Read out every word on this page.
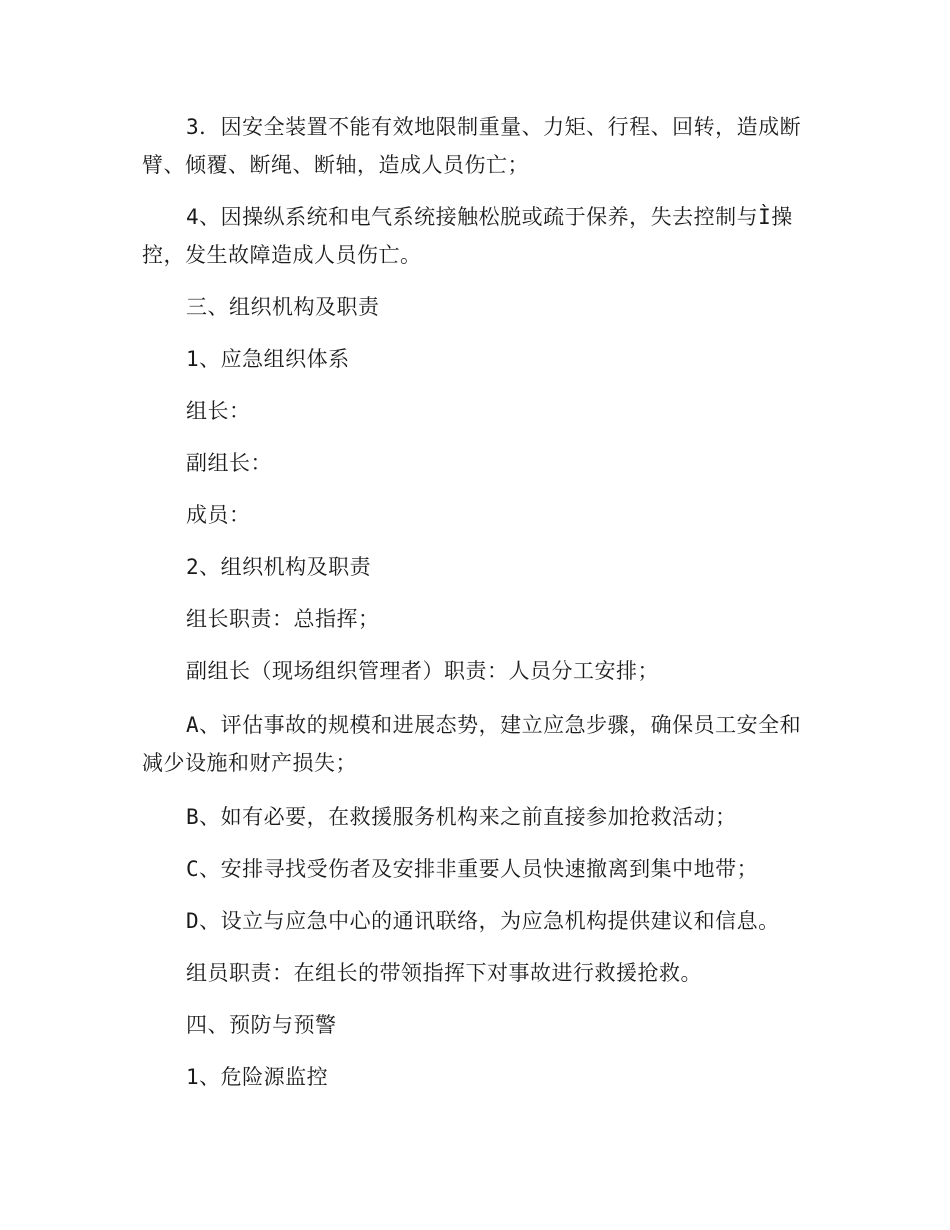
3．因安全装置不能有效地限制重量、力矩、行程、回转，造成断臂、倾覆、断绳、断轴，造成人员伤亡；

4、因操纵系统和电气系统接触松脱或疏于保养，失去控制与Ì操控，发生故障造成人员伤亡。

三、组织机构及职责

1、应急组织体系

组长：

副组长：

成员：

2、组织机构及职责

组长职责：总指挥；

副组长（现场组织管理者）职责：人员分工安排；

A、评估事故的规模和进展态势，建立应急步骤，确保员工安全和减少设施和财产损失；

B、如有必要，在救援服务机构来之前直接参加抢救活动；

C、安排寻找受伤者及安排非重要人员快速撤离到集中地带；

D、设立与应急中心的通讯联络，为应急机构提供建议和信息。

组员职责：在组长的带领指挥下对事故进行救援抢救。

四、预防与预警

1、危险源监控
